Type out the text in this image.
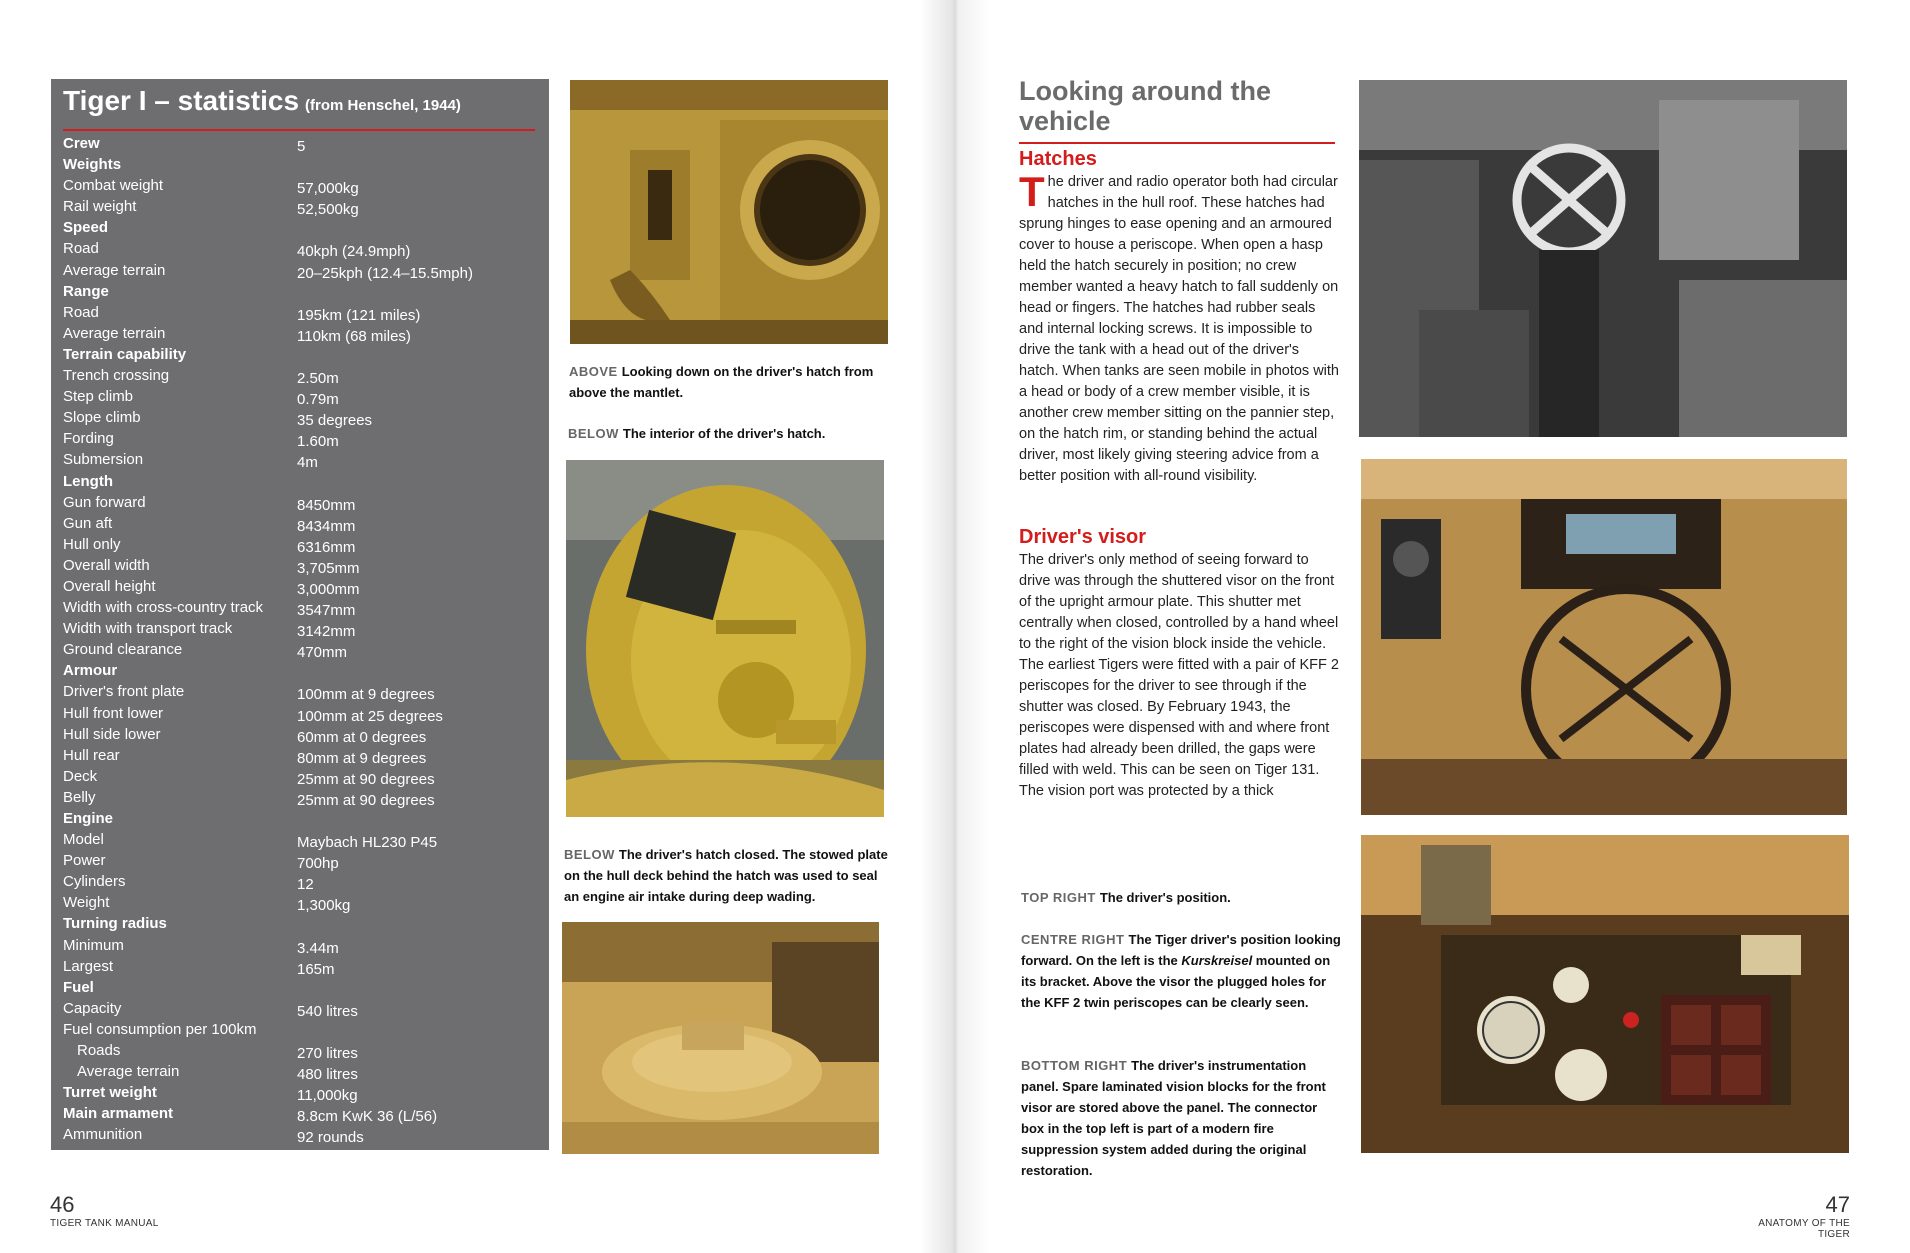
Tiger I – statistics (from Henschel, 1944)
Crew	5
Weights
Combat weight	57,000kg
Rail weight	52,500kg
Speed
Road	40kph (24.9mph)
Average terrain	20–25kph (12.4–15.5mph)
Range
Road	195km (121 miles)
Average terrain	110km (68 miles)
Terrain capability
Trench crossing	2.50m
Step climb	0.79m
Slope climb	35 degrees
Fording	1.60m
Submersion	4m
Length
Gun forward	8450mm
Gun aft	8434mm
Hull only	6316mm
Overall width	3,705mm
Overall height	3,000mm
Width with cross-country track	3547mm
Width with transport track	3142mm
Ground clearance	470mm
Armour
Driver's front plate	100mm at 9 degrees
Hull front lower	100mm at 25 degrees
Hull side lower	60mm at 0 degrees
Hull rear	80mm at 9 degrees
Deck	25mm at 90 degrees
Belly	25mm at 90 degrees
Engine
Model	Maybach HL230 P45
Power	700hp
Cylinders	12
Weight	1,300kg
Turning radius
Minimum	3.44m
Largest	165m
Fuel
Capacity	540 litres
Fuel consumption per 100km
Roads	270 litres
Average terrain	480 litres
Turret weight	11,000kg
Main armament	8.8cm KwK 36 (L/56)
Ammunition	92 rounds
ABOVE Looking down on the driver's hatch from above the mantlet.
BELOW The interior of the driver's hatch.
BELOW The driver's hatch closed. The stowed plate on the hull deck behind the hatch was used to seal an engine air intake during deep wading.
46
TIGER TANK MANUAL
Looking around the vehicle
Hatches
The driver and radio operator both had circular hatches in the hull roof. These hatches had sprung hinges to ease opening and an armoured cover to house a periscope. When open a hasp held the hatch securely in position; no crew member wanted a heavy hatch to fall suddenly on head or fingers. The hatches had rubber seals and internal locking screws. It is impossible to drive the tank with a head out of the driver's hatch. When tanks are seen mobile in photos with a head or body of a crew member visible, it is another crew member sitting on the pannier step, on the hatch rim, or standing behind the actual driver, most likely giving steering advice from a better position with all-round visibility.
Driver's visor
The driver's only method of seeing forward to drive was through the shuttered visor on the front of the upright armour plate. This shutter met centrally when closed, controlled by a hand wheel to the right of the vision block inside the vehicle. The earliest Tigers were fitted with a pair of KFF 2 periscopes for the driver to see through if the shutter was closed. By February 1943, the periscopes were dispensed with and where front plates had already been drilled, the gaps were filled with weld. This can be seen on Tiger 131.
The vision port was protected by a thick
TOP RIGHT The driver's position.
CENTRE RIGHT The Tiger driver's position looking forward. On the left is the Kurskreisel mounted on its bracket. Above the visor the plugged holes for the KFF 2 twin periscopes can be clearly seen.
BOTTOM RIGHT The driver's instrumentation panel. Spare laminated vision blocks for the front visor are stored above the panel. The connector box in the top left is part of a modern fire suppression system added during the original restoration.
47
ANATOMY OF THE TIGER
